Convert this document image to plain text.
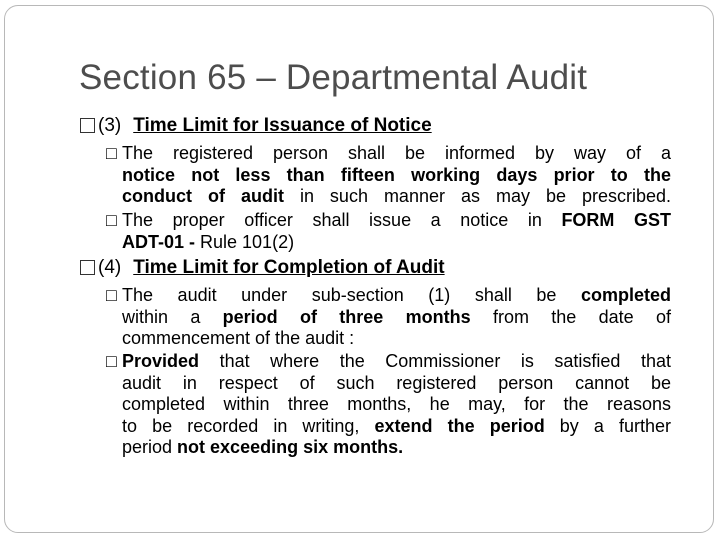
Section 65 – Departmental Audit
(3) Time Limit for Issuance of Notice
□ The registered person shall be informed by way of a
notice not less than fifteen working days prior to the
conduct of audit in such manner as may be prescribed.
□ The proper officer shall issue a notice in FORM GST
ADT-01 - Rule 101(2)
(4) Time Limit for Completion of Audit
□ The audit under sub-section (1) shall be completed
within a period of three months from the date of
commencement of the audit :
□ Provided that where the Commissioner is satisfied that
audit in respect of such registered person cannot be
completed within three months, he may, for the reasons
to be recorded in writing, extend the period by a further
period not exceeding six months.
